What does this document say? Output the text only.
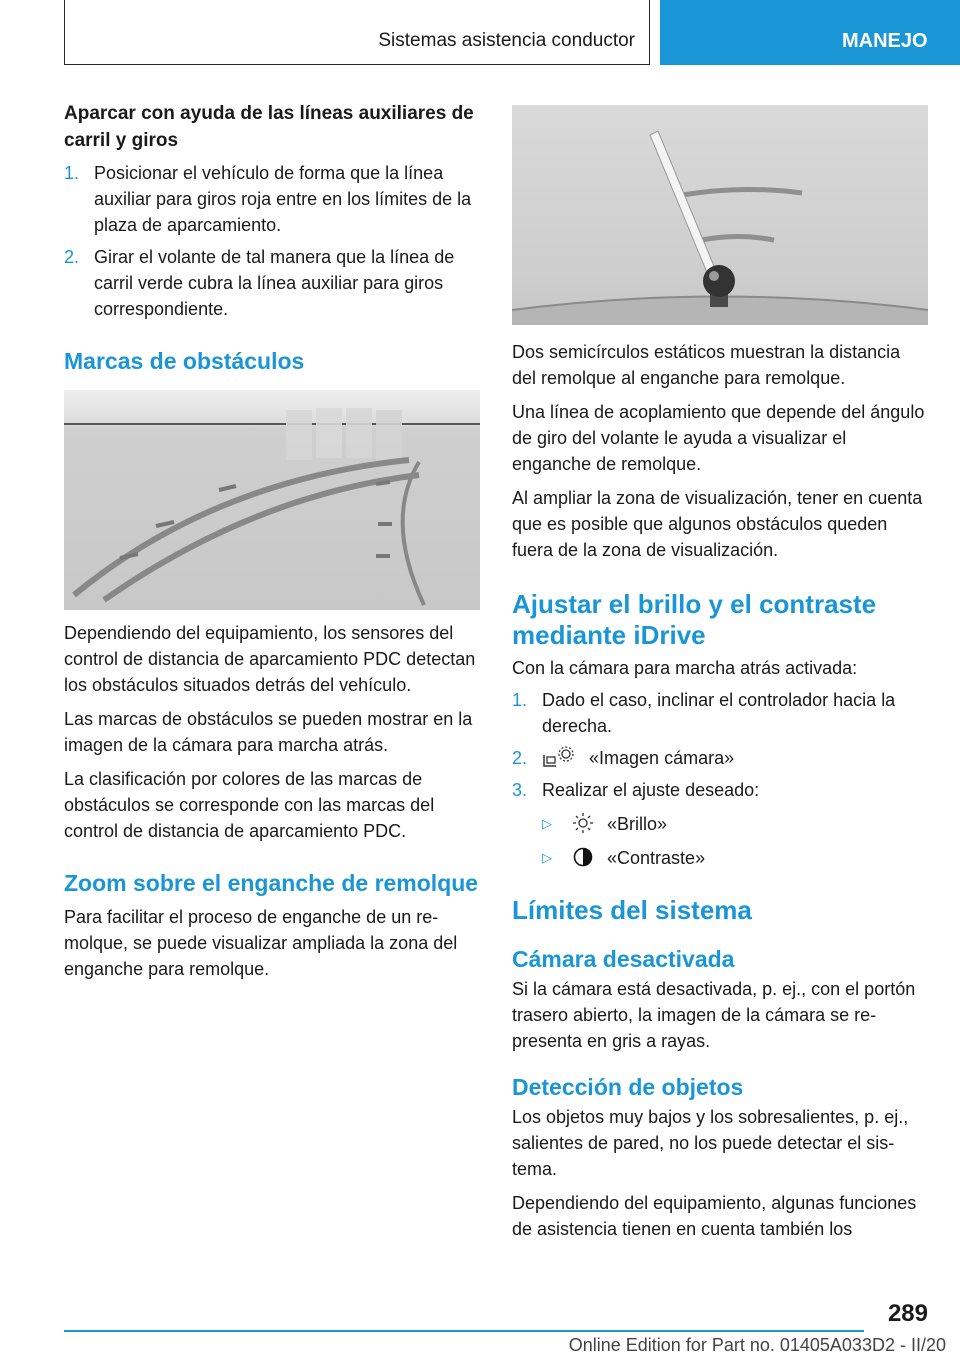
Sistemas asistencia conductor	MANEJO
Aparcar con ayuda de las líneas auxiliares de carril y giros
1. Posicionar el vehículo de forma que la línea auxiliar para giros roja entre en los límites de la plaza de aparcamiento.
2. Girar el volante de tal manera que la línea de carril verde cubra la línea auxiliar para giros correspondiente.
Marcas de obstáculos
Dependiendo del equipamiento, los sensores del control de distancia de aparcamiento PDC detectan los obstáculos situados detrás del vehículo.
Las marcas de obstáculos se pueden mostrar en la imagen de la cámara para marcha atrás.
La clasificación por colores de las marcas de obstáculos se corresponde con las marcas del control de distancia de aparcamiento PDC.
Zoom sobre el enganche de remolque
Para facilitar el proceso de enganche de un remolque, se puede visualizar ampliada la zona del enganche para remolque.
Dos semicírculos estáticos muestran la distancia del remolque al enganche para remolque.
Una línea de acoplamiento que depende del ángulo de giro del volante le ayuda a visualizar el enganche de remolque.
Al ampliar la zona de visualización, tener en cuenta que es posible que algunos obstáculos queden fuera de la zona de visualización.
Ajustar el brillo y el contraste mediante iDrive
Con la cámara para marcha atrás activada:
1. Dado el caso, inclinar el controlador hacia la derecha.
2.	«Imagen cámara»
3. Realizar el ajuste deseado:
▷	«Brillo»
▷	«Contraste»
Límites del sistema
Cámara desactivada
Si la cámara está desactivada, p. ej., con el portón trasero abierto, la imagen de la cámara se representa en gris a rayas.
Detección de objetos
Los objetos muy bajos y los sobresalientes, p. ej., salientes de pared, no los puede detectar el sistema.
Dependiendo del equipamiento, algunas funciones de asistencia tienen en cuenta también los
289
Online Edition for Part no. 01405A033D2 - II/20
